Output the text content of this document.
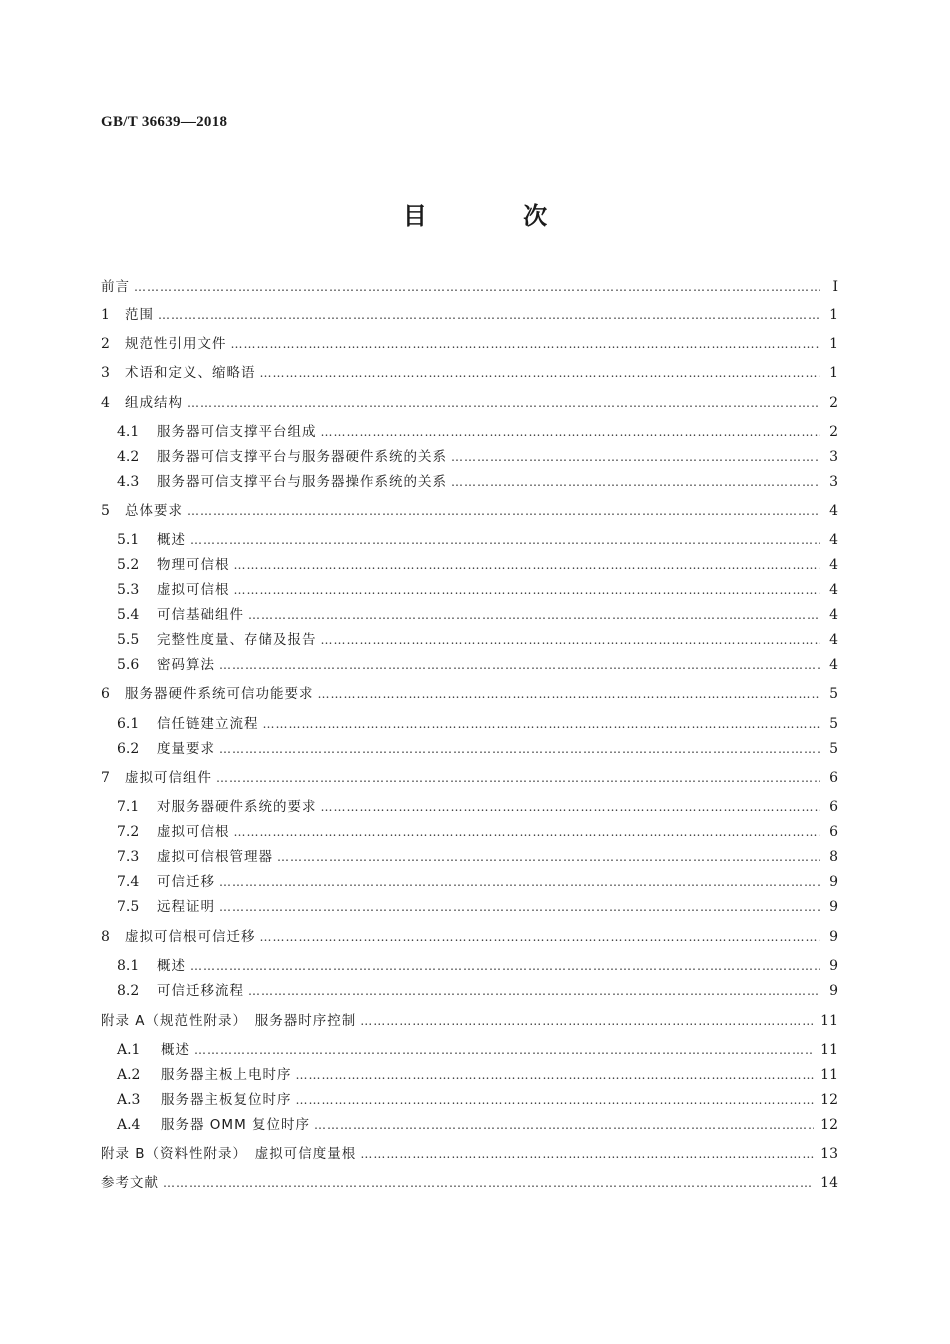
GB/T 36639—2018
目 次
前言 …………………………………………………………………………………………………………………………………………………………………………………………………………………………………………………………	Ⅰ
1	范围 …………………………………………………………………………………………………………………………………………………………………………………………………………………………………………………………	1
2	规范性引用文件 …………………………………………………………………………………………………………………………………………………………………………………………………………………………………………………………	1
3	术语和定义、缩略语 …………………………………………………………………………………………………………………………………………………………………………………………………………………………………………………………	1
4	组成结构 …………………………………………………………………………………………………………………………………………………………………………………………………………………………………………………………	2
4.1	服务器可信支撑平台组成 …………………………………………………………………………………………………………………………………………………………………………………………………………………………………………………………	2
4.2	服务器可信支撑平台与服务器硬件系统的关系 …………………………………………………………………………………………………………………………………………………………………………………………………………………………………………………………	3
4.3	服务器可信支撑平台与服务器操作系统的关系 …………………………………………………………………………………………………………………………………………………………………………………………………………………………………………………………	3
5	总体要求 …………………………………………………………………………………………………………………………………………………………………………………………………………………………………………………………	4
5.1	概述 …………………………………………………………………………………………………………………………………………………………………………………………………………………………………………………………	4
5.2	物理可信根 …………………………………………………………………………………………………………………………………………………………………………………………………………………………………………………………	4
5.3	虚拟可信根 …………………………………………………………………………………………………………………………………………………………………………………………………………………………………………………………	4
5.4	可信基础组件 …………………………………………………………………………………………………………………………………………………………………………………………………………………………………………………………	4
5.5	完整性度量、存储及报告 …………………………………………………………………………………………………………………………………………………………………………………………………………………………………………………………	4
5.6	密码算法 …………………………………………………………………………………………………………………………………………………………………………………………………………………………………………………………	4
6	服务器硬件系统可信功能要求 …………………………………………………………………………………………………………………………………………………………………………………………………………………………………………………………	5
6.1	信任链建立流程 …………………………………………………………………………………………………………………………………………………………………………………………………………………………………………………………	5
6.2	度量要求 …………………………………………………………………………………………………………………………………………………………………………………………………………………………………………………………	5
7	虚拟可信组件 …………………………………………………………………………………………………………………………………………………………………………………………………………………………………………………………	6
7.1	对服务器硬件系统的要求 …………………………………………………………………………………………………………………………………………………………………………………………………………………………………………………………	6
7.2	虚拟可信根 …………………………………………………………………………………………………………………………………………………………………………………………………………………………………………………………	6
7.3	虚拟可信根管理器 …………………………………………………………………………………………………………………………………………………………………………………………………………………………………………………………	8
7.4	可信迁移 …………………………………………………………………………………………………………………………………………………………………………………………………………………………………………………………	9
7.5	远程证明 …………………………………………………………………………………………………………………………………………………………………………………………………………………………………………………………	9
8	虚拟可信根可信迁移 …………………………………………………………………………………………………………………………………………………………………………………………………………………………………………………………	9
8.1	概述 …………………………………………………………………………………………………………………………………………………………………………………………………………………………………………………………	9
8.2	可信迁移流程 …………………………………………………………………………………………………………………………………………………………………………………………………………………………………………………………	9
附录 A（规范性附录）　服务器时序控制 …………………………………………………………………………………………………………………………………………………………………………………………………………………………………………………………	11
A.1	概述 …………………………………………………………………………………………………………………………………………………………………………………………………………………………………………………………	11
A.2	服务器主板上电时序 …………………………………………………………………………………………………………………………………………………………………………………………………………………………………………………………	11
A.3	服务器主板复位时序 …………………………………………………………………………………………………………………………………………………………………………………………………………………………………………………………	12
A.4	服务器 OMM 复位时序 …………………………………………………………………………………………………………………………………………………………………………………………………………………………………………………………	12
附录 B（资料性附录）　虚拟可信度量根 …………………………………………………………………………………………………………………………………………………………………………………………………………………………………………………………	13
参考文献 …………………………………………………………………………………………………………………………………………………………………………………………………………………………………………………………	14
